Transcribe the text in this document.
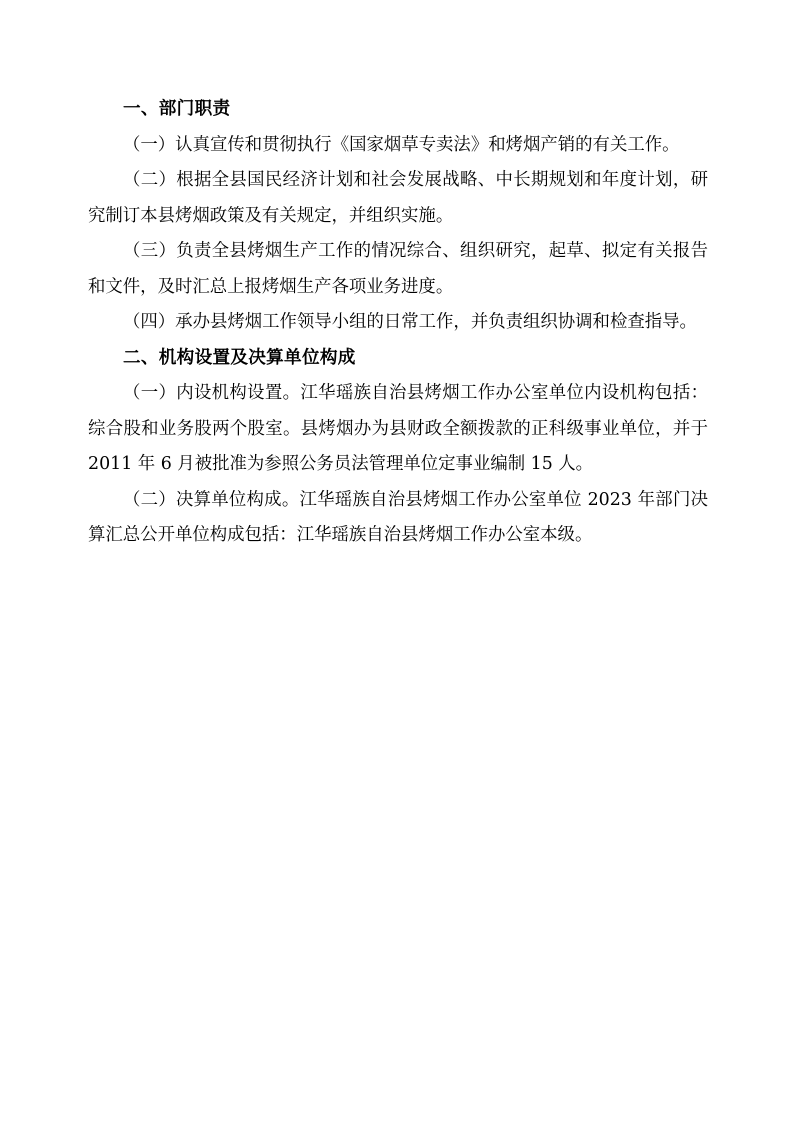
一、部门职责

（一）认真宣传和贯彻执行《国家烟草专卖法》和烤烟产销的有关工作。

（二）根据全县国民经济计划和社会发展战略、中长期规划和年度计划，研究制订本县烤烟政策及有关规定，并组织实施。

（三）负责全县烤烟生产工作的情况综合、组织研究，起草、拟定有关报告和文件，及时汇总上报烤烟生产各项业务进度。

（四）承办县烤烟工作领导小组的日常工作，并负责组织协调和检查指导。

二、机构设置及决算单位构成

（一）内设机构设置。江华瑶族自治县烤烟工作办公室单位内设机构包括：综合股和业务股两个股室。县烤烟办为县财政全额拨款的正科级事业单位，并于 2011 年 6 月被批准为参照公务员法管理单位定事业编制 15 人。

（二）决算单位构成。江华瑶族自治县烤烟工作办公室单位 2023 年部门决算汇总公开单位构成包括：江华瑶族自治县烤烟工作办公室本级。
